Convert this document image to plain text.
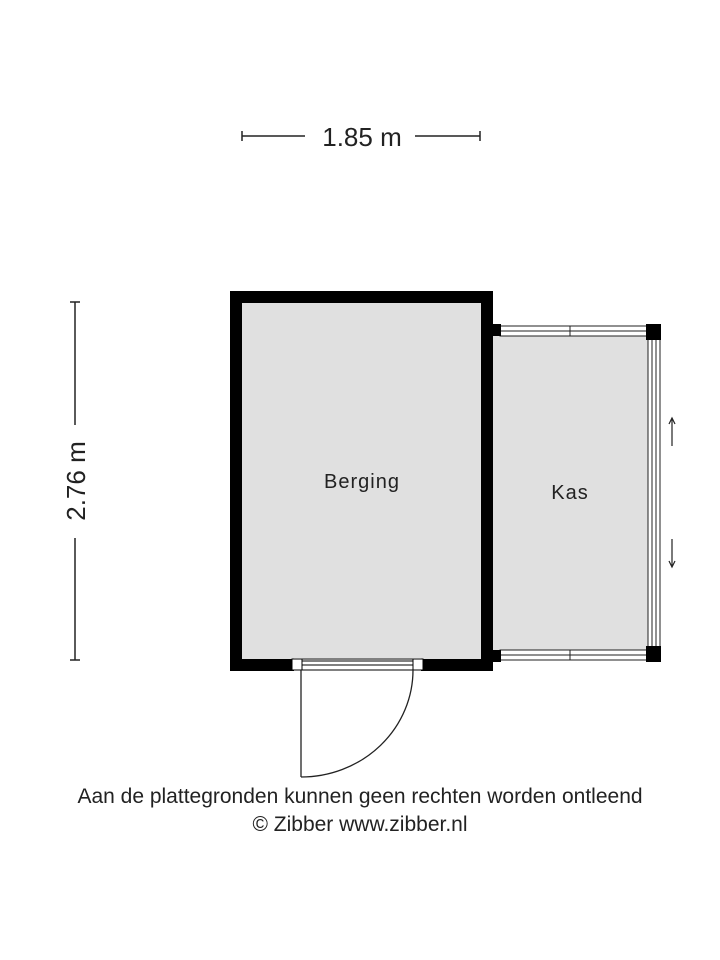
1.85 m
2.76 m	Berging	Kas
Aan de plattegronden kunnen geen rechten worden ontleend
© Zibber www.zibber.nl
